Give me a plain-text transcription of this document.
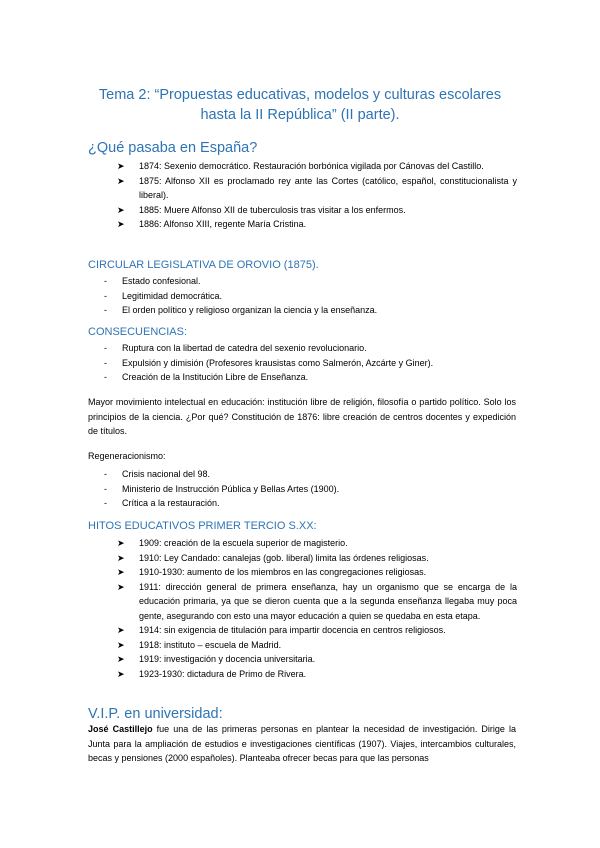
Tema 2: “Propuestas educativas, modelos y culturas escolares
hasta la II República” (II parte).
¿Qué pasaba en España?
➤ 1874: Sexenio democrático. Restauración borbónica vigilada por Cánovas del Castillo.
➤ 1875: Alfonso XII es proclamado rey ante las Cortes (católico, español, constitucionalista y liberal).
➤ 1885: Muere Alfonso XII de tuberculosis tras visitar a los enfermos.
➤ 1886: Alfonso XIII, regente María Cristina.
CIRCULAR LEGISLATIVA DE OROVIO (1875).
- Estado confesional.
- Legitimidad democrática.
- El orden político y religioso organizan la ciencia y la enseñanza.
CONSECUENCIAS:
- Ruptura con la libertad de catedra del sexenio revolucionario.
- Expulsión y dimisión (Profesores krausistas como Salmerón, Azcárte y Giner).
- Creación de la Institución Libre de Enseñanza.

Mayor movimiento intelectual en educación: institución libre de religión, filosofía o partido político. Solo los principios de la ciencia. ¿Por qué? Constitución de 1876: libre creación de centros docentes y expedición de títulos.

Regeneracionismo:

- Crisis nacional del 98.
- Ministerio de Instrucción Pública y Bellas Artes (1900).
- Crítica a la restauración.
HITOS EDUCATIVOS PRIMER TERCIO S.XX:
➤ 1909: creación de la escuela superior de magisterio.
➤ 1910: Ley Candado: canalejas (gob. liberal) limita las órdenes religiosas.
➤ 1910-1930: aumento de los miembros en las congregaciones religiosas.
➤ 1911: dirección general de primera enseñanza, hay un organismo que se encarga de la educación primaria, ya que se dieron cuenta que a la segunda enseñanza llegaba muy poca gente, asegurando con esto una mayor educación a quien se quedaba en esta etapa.
➤ 1914: sin exigencia de titulación para impartir docencia en centros religiosos.
➤ 1918: instituto – escuela de Madrid.
➤ 1919: investigación y docencia universitaria.
➤ 1923-1930: dictadura de Primo de Rivera.
V.I.P. en universidad:

José Castillejo fue una de las primeras personas en plantear la necesidad de investigación. Dirige la Junta para la ampliación de estudios e investigaciones científicas (1907). Viajes, intercambios culturales, becas y pensiones (2000 españoles). Planteaba ofrecer becas para que las personas
